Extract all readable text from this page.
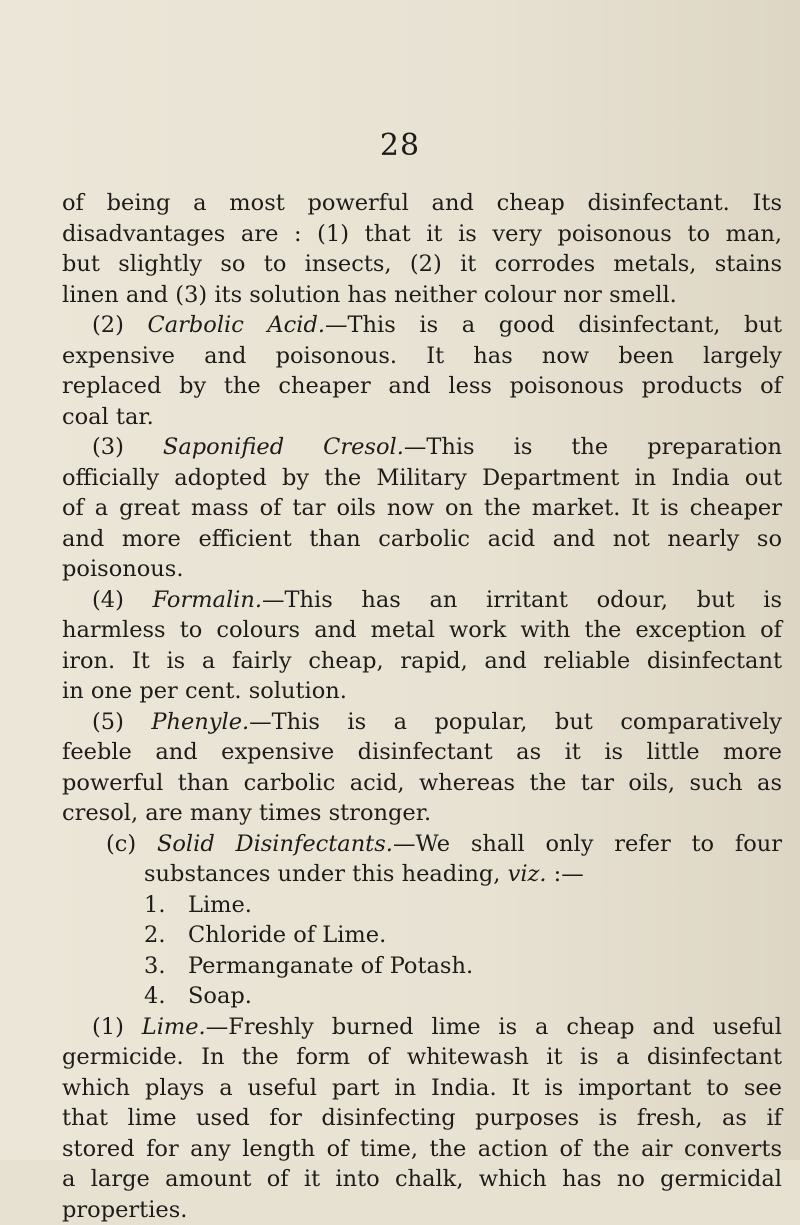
28
of being a most powerful and cheap disinfectant. Its
disadvantages are : (1) that it is very poisonous to man,
but slightly so to insects, (2) it corrodes metals, stains
linen and (3) its solution has neither colour nor smell.
(2) Carbolic Acid.—This is a good disinfectant, but
expensive and poisonous. It has now been largely
replaced by the cheaper and less poisonous products of
coal tar.
(3) Saponified Cresol.—This is the preparation
officially adopted by the Military Department in India out
of a great mass of tar oils now on the market. It is cheaper
and more efficient than carbolic acid and not nearly so
poisonous.
(4) Formalin.—This has an irritant odour, but is
harmless to colours and metal work with the exception of
iron. It is a fairly cheap, rapid, and reliable disinfectant
in one per cent. solution.
(5) Phenyle.—This is a popular, but comparatively
feeble and expensive disinfectant as it is little more
powerful than carbolic acid, whereas the tar oils, such as
cresol, are many times stronger.
(c) Solid Disinfectants.—We shall only refer to four
substances under this heading, viz. :—
1. Lime.
2. Chloride of Lime.
3. Permanganate of Potash.
4. Soap.
(1) Lime.—Freshly burned lime is a cheap and useful
germicide. In the form of whitewash it is a disinfectant
which plays a useful part in India. It is important to see
that lime used for disinfecting purposes is fresh, as if
stored for any length of time, the action of the air converts
a large amount of it into chalk, which has no germicidal
properties.
